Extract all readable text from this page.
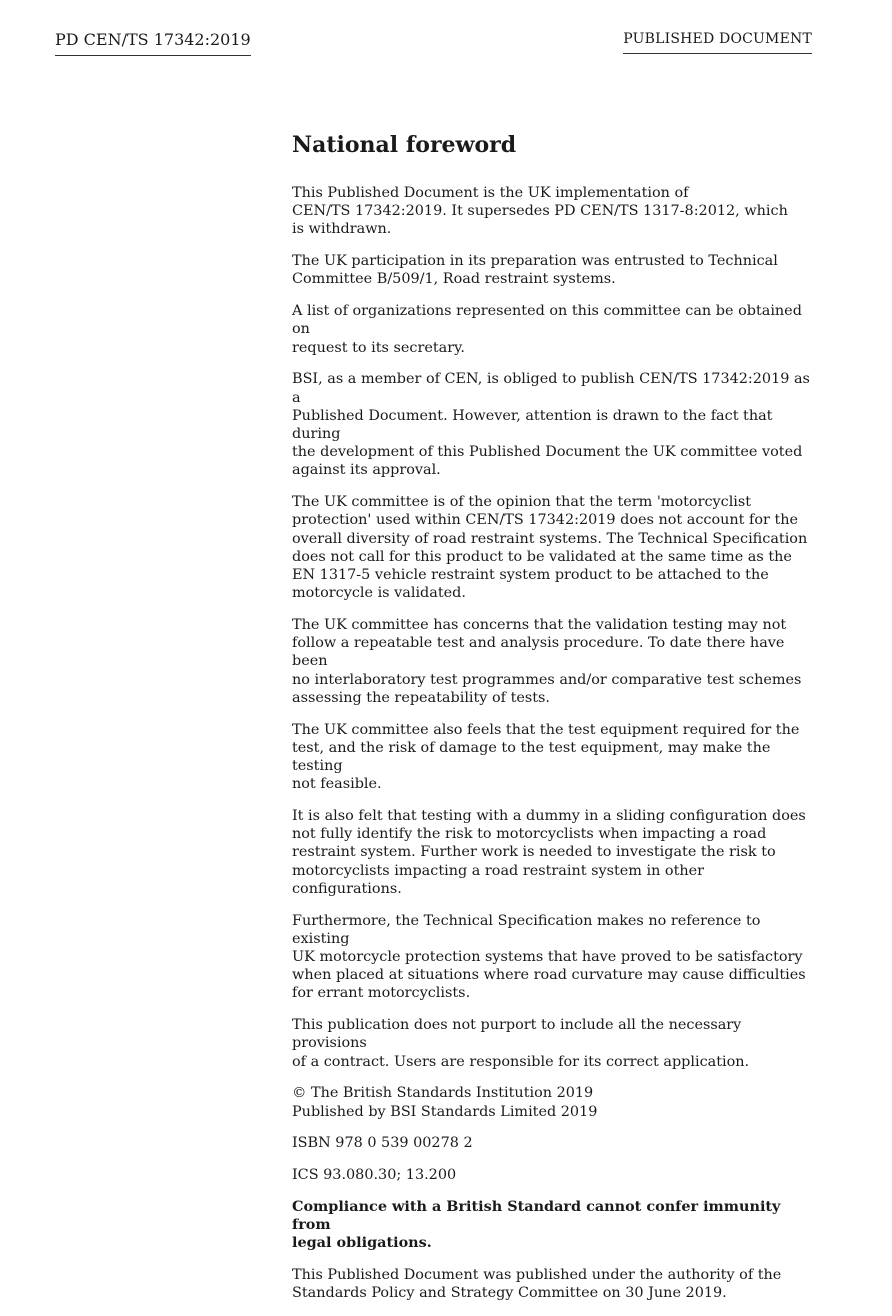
PD CEN/TS 17342:2019	PUBLISHED DOCUMENT
National foreword

This Published Document is the UK implementation of
CEN/TS 17342:2019. It supersedes PD CEN/TS 1317-8:2012, which
is withdrawn.

The UK participation in its preparation was entrusted to Technical
Committee B/509/1, Road restraint systems.

A list of organizations represented on this committee can be obtained on
request to its secretary.

BSI, as a member of CEN, is obliged to publish CEN/TS 17342:2019 as a
Published Document. However, attention is drawn to the fact that during
the development of this Published Document the UK committee voted
against its approval.

The UK committee is of the opinion that the term 'motorcyclist
protection' used within CEN/TS 17342:2019 does not account for the
overall diversity of road restraint systems. The Technical Specification
does not call for this product to be validated at the same time as the
EN 1317-5 vehicle restraint system product to be attached to the
motorcycle is validated.

The UK committee has concerns that the validation testing may not
follow a repeatable test and analysis procedure. To date there have been
no interlaboratory test programmes and/or comparative test schemes
assessing the repeatability of tests.

The UK committee also feels that the test equipment required for the
test, and the risk of damage to the test equipment, may make the testing
not feasible.

It is also felt that testing with a dummy in a sliding configuration does
not fully identify the risk to motorcyclists when impacting a road
restraint system. Further work is needed to investigate the risk to
motorcyclists impacting a road restraint system in other configurations.

Furthermore, the Technical Specification makes no reference to existing
UK motorcycle protection systems that have proved to be satisfactory
when placed at situations where road curvature may cause difficulties
for errant motorcyclists.

This publication does not purport to include all the necessary provisions
of a contract. Users are responsible for its correct application.

© The British Standards Institution 2019
Published by BSI Standards Limited 2019

ISBN 978 0 539 00278 2

ICS 93.080.30; 13.200

Compliance with a British Standard cannot confer immunity from
legal obligations.

This Published Document was published under the authority of the
Standards Policy and Strategy Committee on 30 June 2019.
